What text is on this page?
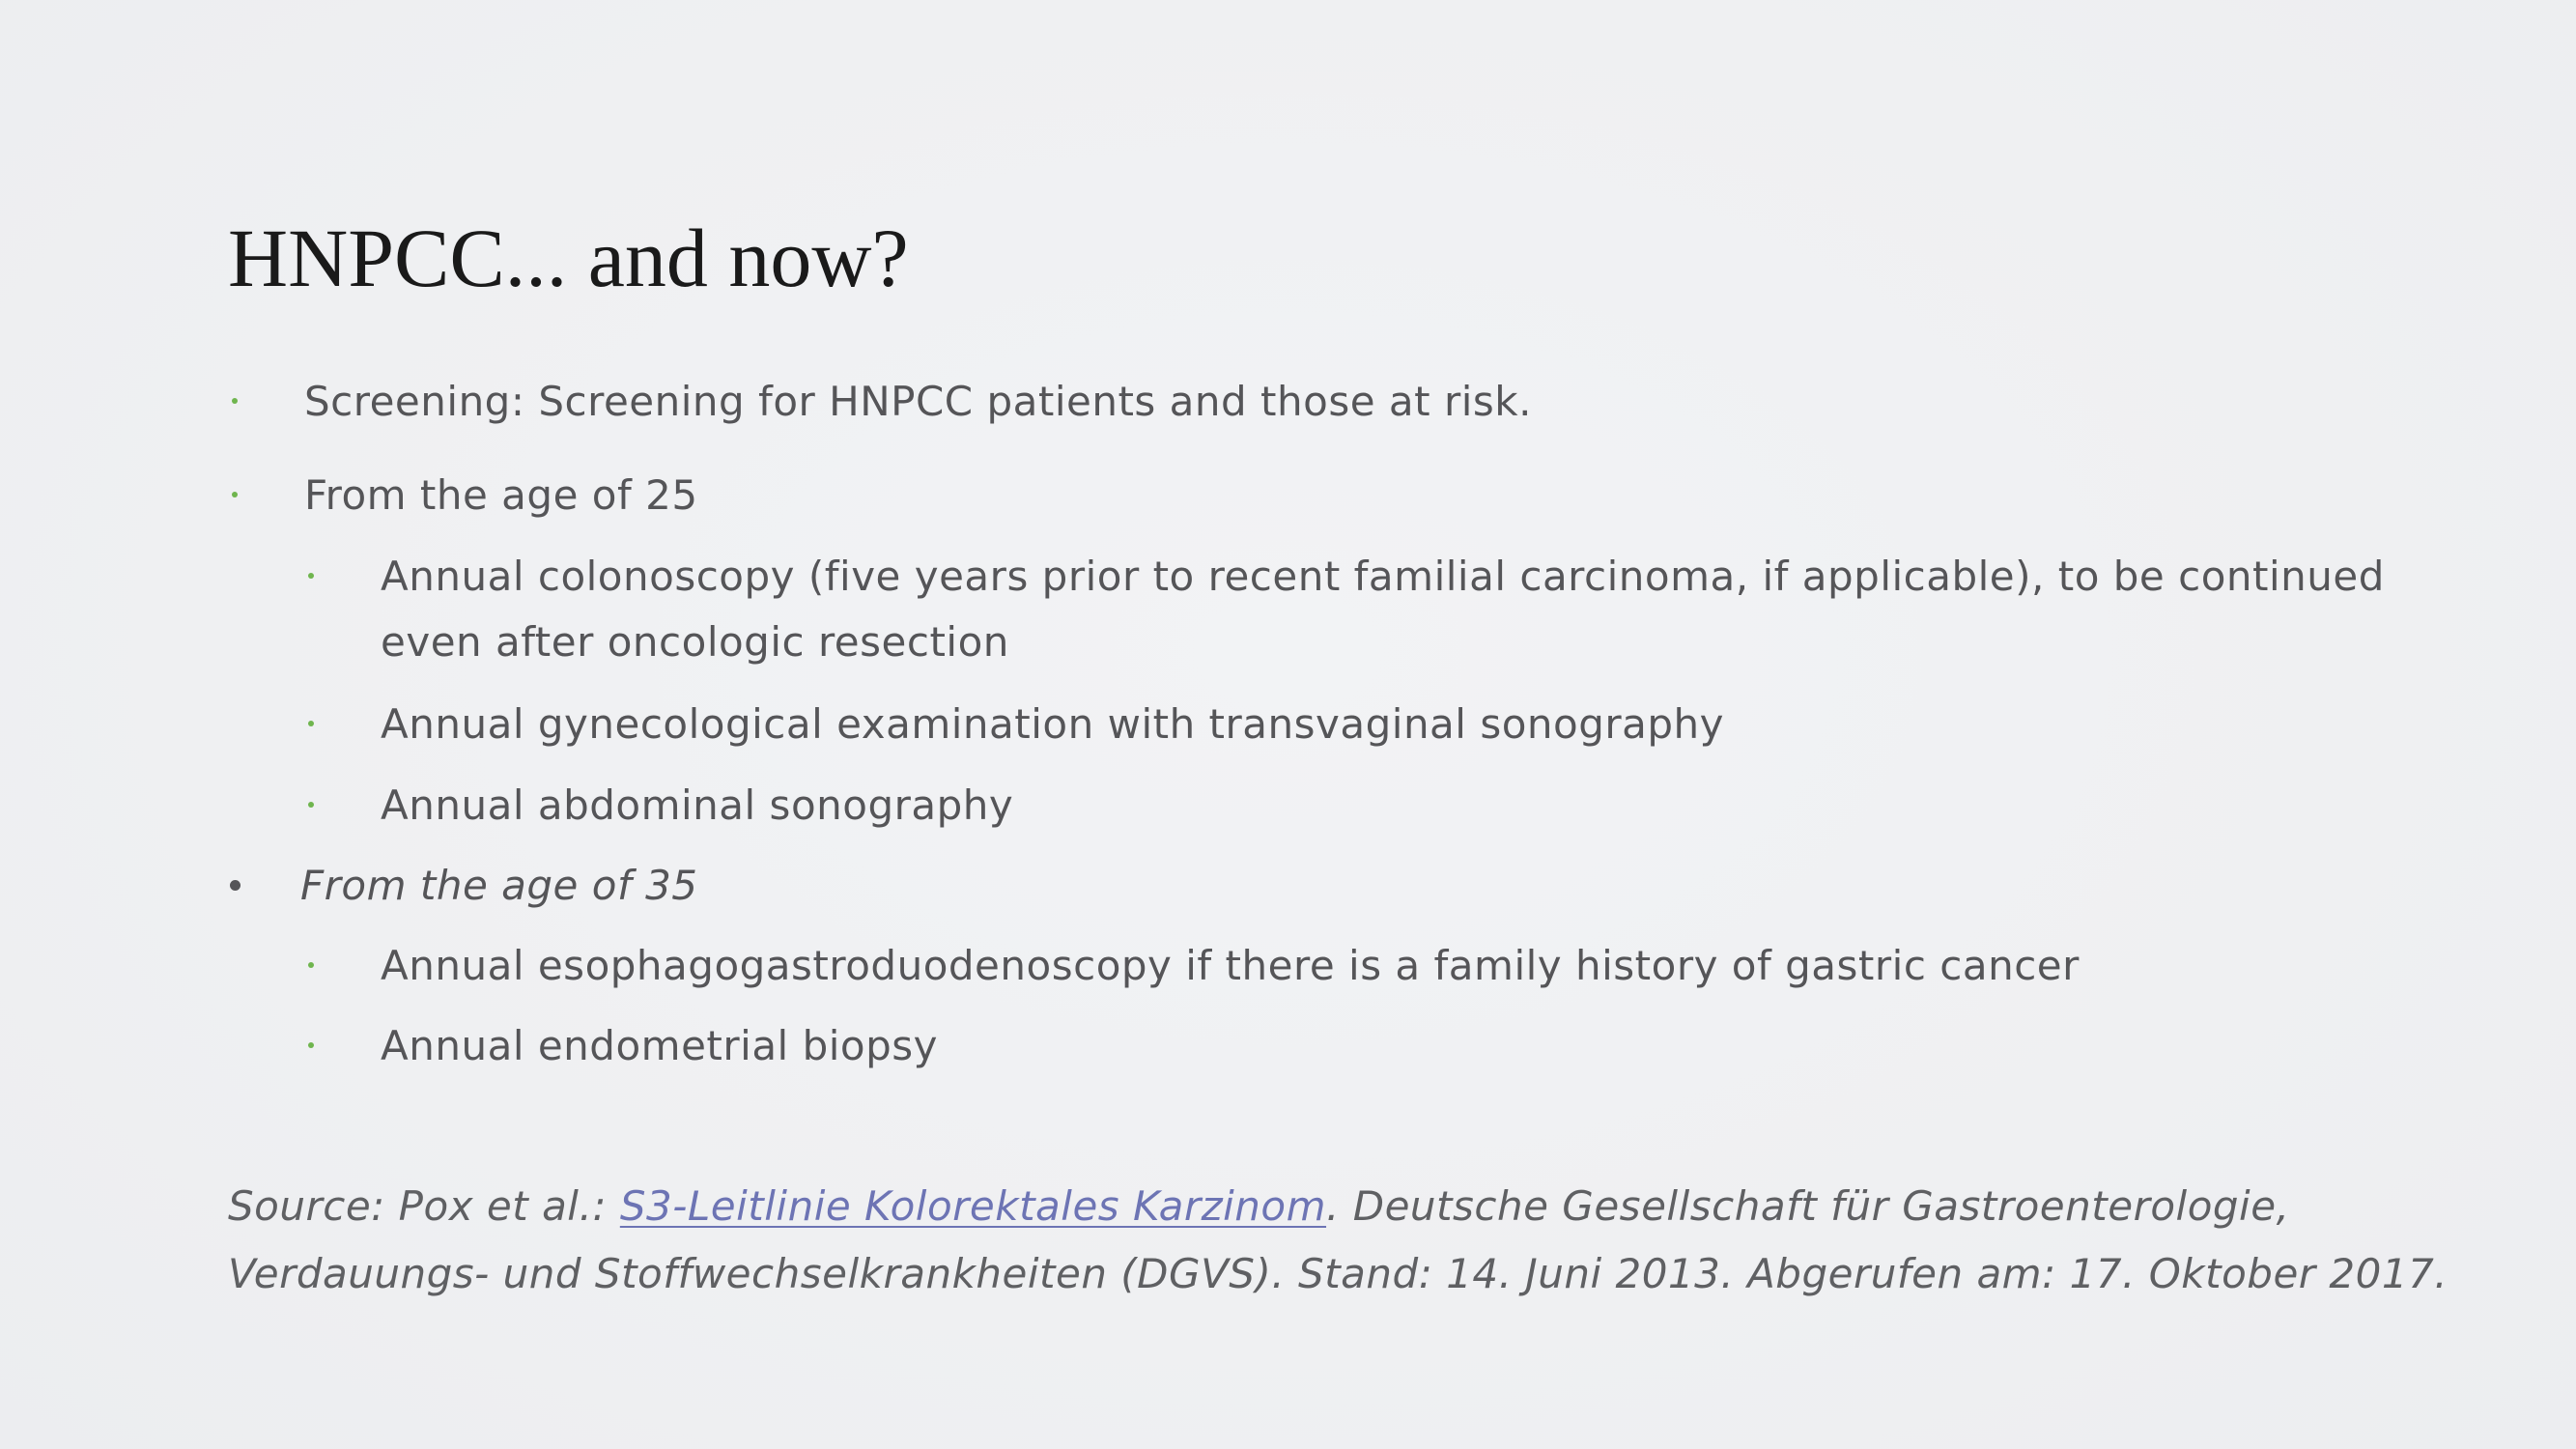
HNPCC... and now?
Screening: Screening for HNPCC patients and those at risk.
From the age of 25
Annual colonoscopy (five years prior to recent familial carcinoma, if applicable), to be continued
even after oncologic resection
Annual gynecological examination with transvaginal sonography
Annual abdominal sonography
From the age of 35
Annual esophagogastroduodenoscopy if there is a family history of gastric cancer
Annual endometrial biopsy
Source: Pox et al.: S3-Leitlinie Kolorektales Karzinom. Deutsche Gesellschaft für Gastroenterologie,
Verdauungs- und Stoffwechselkrankheiten (DGVS). Stand: 14. Juni 2013. Abgerufen am: 17. Oktober 2017.
